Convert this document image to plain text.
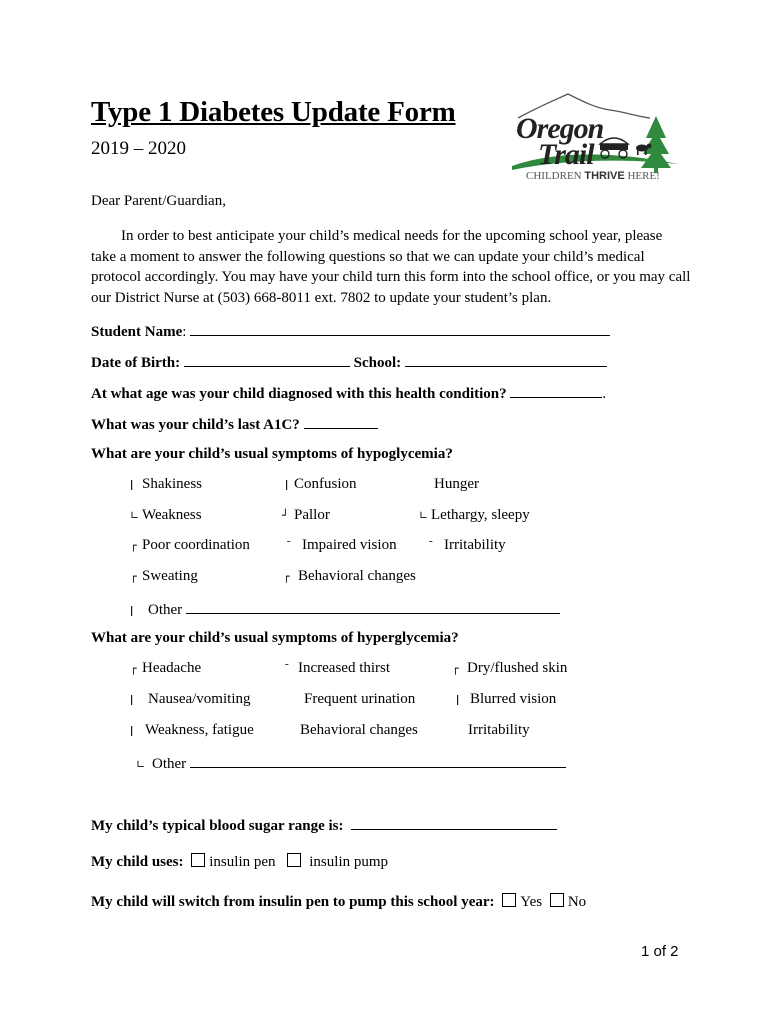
Type 1 Diabetes Update Form
2019 – 2020
Oregon
Trail
CHILDREN THRIVE HERE!
Dear Parent/Guardian,
In order to best anticipate your child’s medical needs for the upcoming school year, please take a moment to answer the following questions so that we can update your child’s medical protocol accordingly. You may have your child turn this form into the school office, or you may call our District Nurse at (503) 668-8011 ext. 7802 to update your student’s plan.
Student Name:
Date of Birth:	School:
At what age was your child diagnosed with this health condition?	.
What was your child’s last A1C?
What are your child’s usual symptoms of hypoglycemia?
ǀ Shakiness	ǀ Confusion	Hunger
∟ Weakness	┘ Pallor	∟ Lethargy, sleepy
┌ Poor coordination	¯ Impaired vision	¯ Irritability
┌ Sweating	┌ Behavioral changes
ǀ Other
What are your child’s usual symptoms of hyperglycemia?
┌ Headache	¯ Increased thirst	┌ Dry/flushed skin
ǀ Nausea/vomiting	Frequent urination	ǀ Blurred vision
ǀ Weakness, fatigue	Behavioral changes	Irritability
∟ Other
My child’s typical blood sugar range is:
My child uses: insulin pen insulin pump
My child will switch from insulin pen to pump this school year: Yes No
1 of 2
